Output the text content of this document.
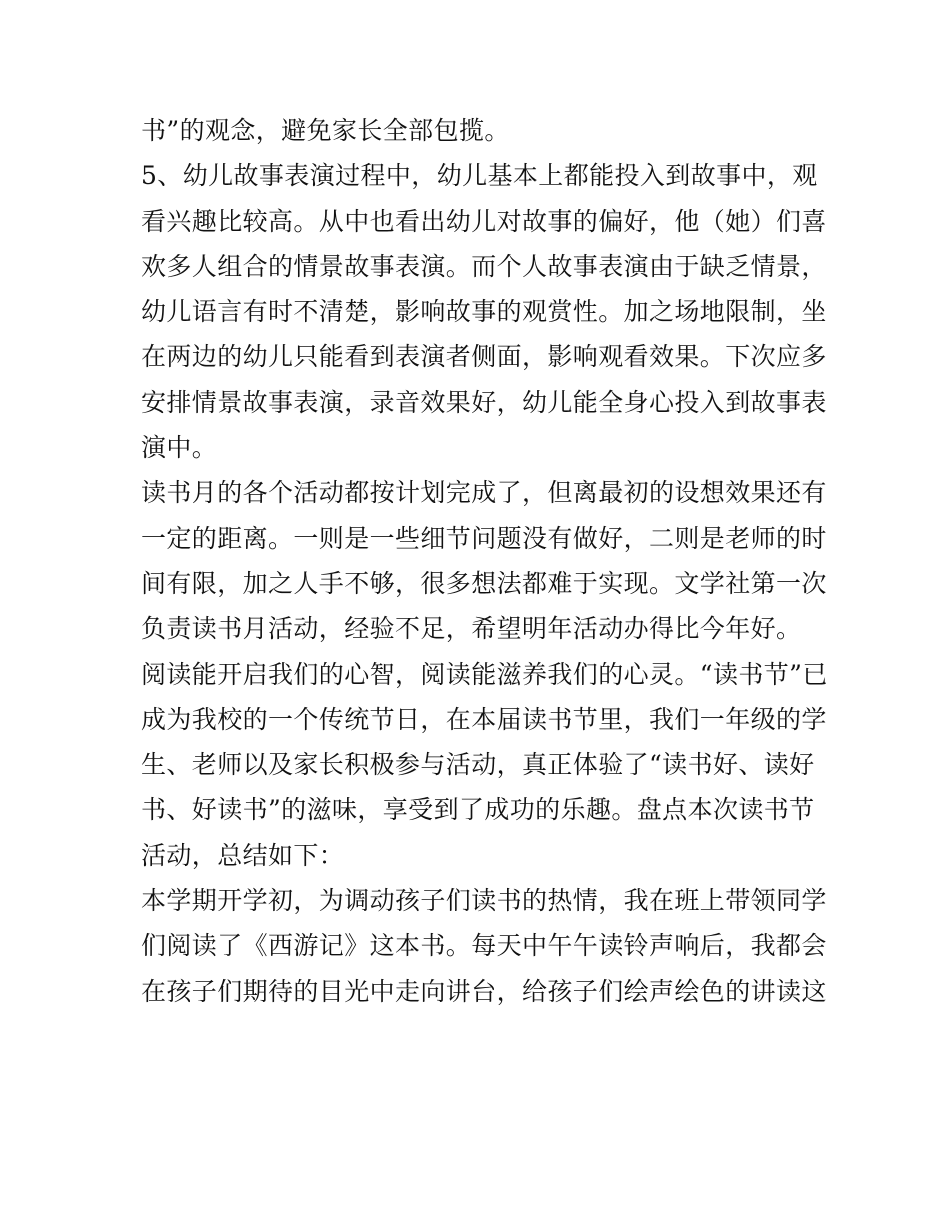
书”的观念，避免家长全部包揽。
5、幼儿故事表演过程中，幼儿基本上都能投入到故事中，观
看兴趣比较高。从中也看出幼儿对故事的偏好，他（她）们喜
欢多人组合的情景故事表演。而个人故事表演由于缺乏情景，
幼儿语言有时不清楚，影响故事的观赏性。加之场地限制，坐
在两边的幼儿只能看到表演者侧面，影响观看效果。下次应多
安排情景故事表演，录音效果好，幼儿能全身心投入到故事表
演中。
读书月的各个活动都按计划完成了，但离最初的设想效果还有
一定的距离。一则是一些细节问题没有做好，二则是老师的时
间有限，加之人手不够，很多想法都难于实现。文学社第一次
负责读书月活动，经验不足，希望明年活动办得比今年好。
阅读能开启我们的心智，阅读能滋养我们的心灵。“读书节”已
成为我校的一个传统节日，在本届读书节里，我们一年级的学
生、老师以及家长积极参与活动，真正体验了“读书好、读好
书、好读书”的滋味，享受到了成功的乐趣。盘点本次读书节
活动，总结如下：
本学期开学初，为调动孩子们读书的热情，我在班上带领同学
们阅读了《西游记》这本书。每天中午午读铃声响后，我都会
在孩子们期待的目光中走向讲台，给孩子们绘声绘色的讲读这
